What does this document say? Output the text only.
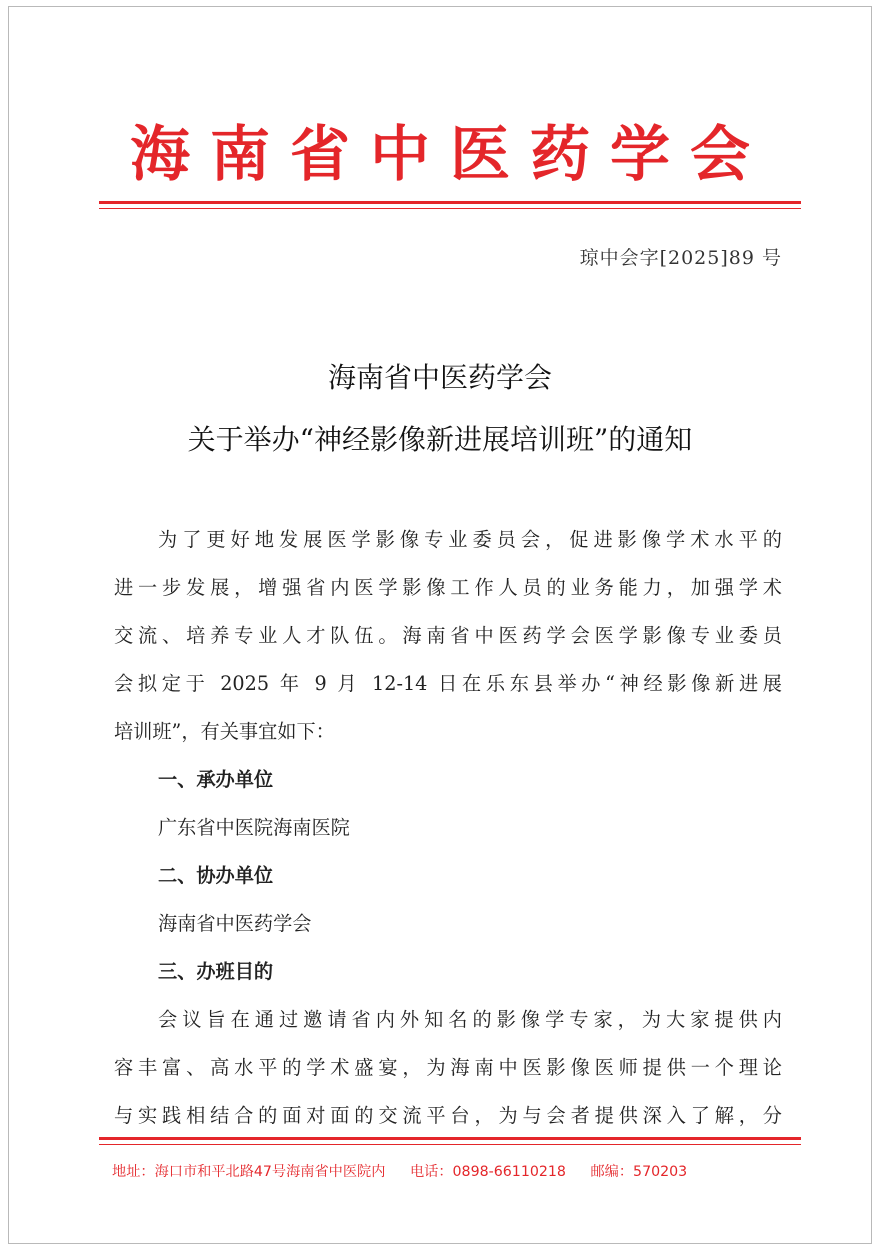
海南省中医药学会
琼中会字[2025]89 号
海南省中医药学会
关于举办“神经影像新进展培训班”的通知
为了更好地发展医学影像专业委员会，促进影像学术水平的
进一步发展，增强省内医学影像工作人员的业务能力，加强学术
交流、培养专业人才队伍。海南省中医药学会医学影像专业委员
会拟定于 2025 年 9 月 12-14 日在乐东县举办“神经影像新进展
培训班”，有关事宜如下：
一、承办单位
广东省中医院海南医院
二、协办单位
海南省中医药学会
三、办班目的
会议旨在通过邀请省内外知名的影像学专家，为大家提供内
容丰富、高水平的学术盛宴，为海南中医影像医师提供一个理论
与实践相结合的面对面的交流平台，为与会者提供深入了解，分
地址：海口市和平北路47号海南省中医院内 电话：0898-66110218 邮编：570203
